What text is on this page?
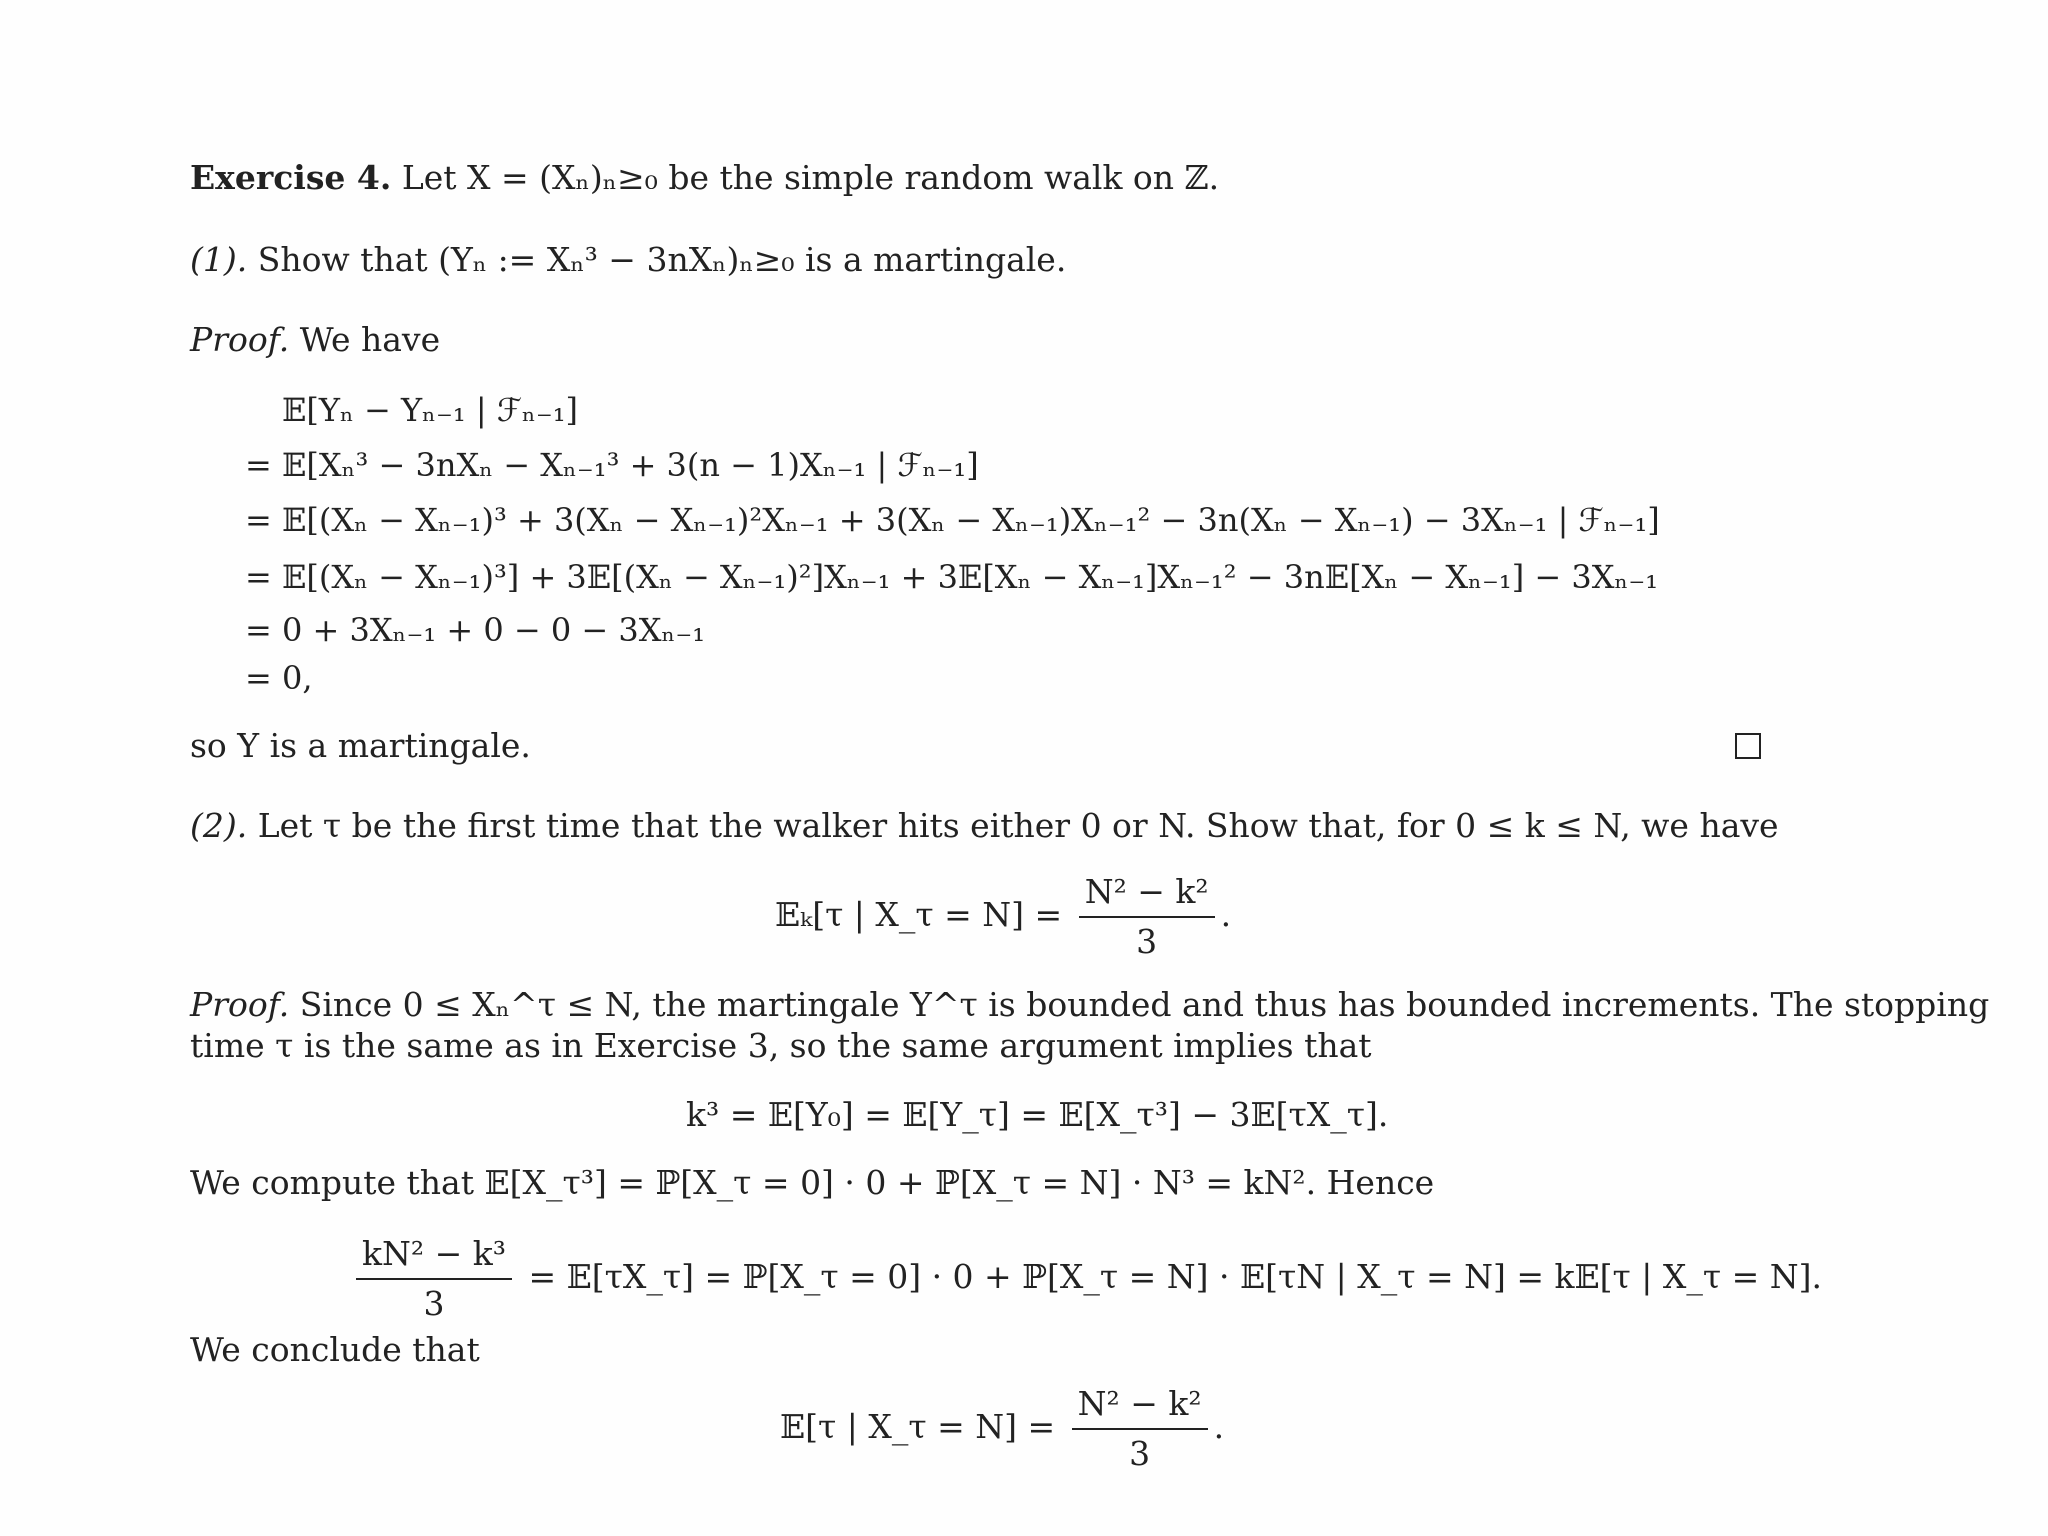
Exercise 4. Let X = (Xₙ)ₙ≥₀ be the simple random walk on ℤ.
(1). Show that (Yₙ := Xₙ³ − 3nXₙ)ₙ≥₀ is a martingale.
Proof. We have
𝔼[Yₙ − Yₙ₋₁ | ℱₙ₋₁]
= 𝔼[Xₙ³ − 3nXₙ − Xₙ₋₁³ + 3(n − 1)Xₙ₋₁ | ℱₙ₋₁]
= 𝔼[(Xₙ − Xₙ₋₁)³ + 3(Xₙ − Xₙ₋₁)²Xₙ₋₁ + 3(Xₙ − Xₙ₋₁)Xₙ₋₁² − 3n(Xₙ − Xₙ₋₁) − 3Xₙ₋₁ | ℱₙ₋₁]
= 𝔼[(Xₙ − Xₙ₋₁)³] + 3𝔼[(Xₙ − Xₙ₋₁)²]Xₙ₋₁ + 3𝔼[Xₙ − Xₙ₋₁]Xₙ₋₁² − 3n𝔼[Xₙ − Xₙ₋₁] − 3Xₙ₋₁
= 0 + 3Xₙ₋₁ + 0 − 0 − 3Xₙ₋₁
= 0,
so Y is a martingale.
(2). Let τ be the first time that the walker hits either 0 or N. Show that, for 0 ≤ k ≤ N, we have
𝔼ₖ[τ | X_τ = $N] = \frac{\text{N² − k²}}{3}$ .
Proof. Since 0 ≤ Xₙ^τ ≤ N, the martingale Y^τ is bounded and thus has bounded increments. The stopping
time τ is the same as in Exercise 3, so the same argument implies that
k³ = 𝔼[Y₀] = 𝔼[Y_τ] = 𝔼[X_τ³] − 3𝔼[τX_τ].
We compute that 𝔼[X_τ³] = ℙ[X_τ = 0] · 0 + ℙ[X_τ = N] · N³ = kN². Hence
$\frac{\text{kN² − k³}}{3}$ = 𝔼[τX_τ] = ℙ[X_τ = 0] · 0 + ℙ[X_τ = N] · 𝔼[τN | X_τ = N] = k𝔼[τ | X_τ = N].
We conclude that
𝔼[τ | X_τ = $N] = \frac{\text{N² − k²}}{3}$ .
